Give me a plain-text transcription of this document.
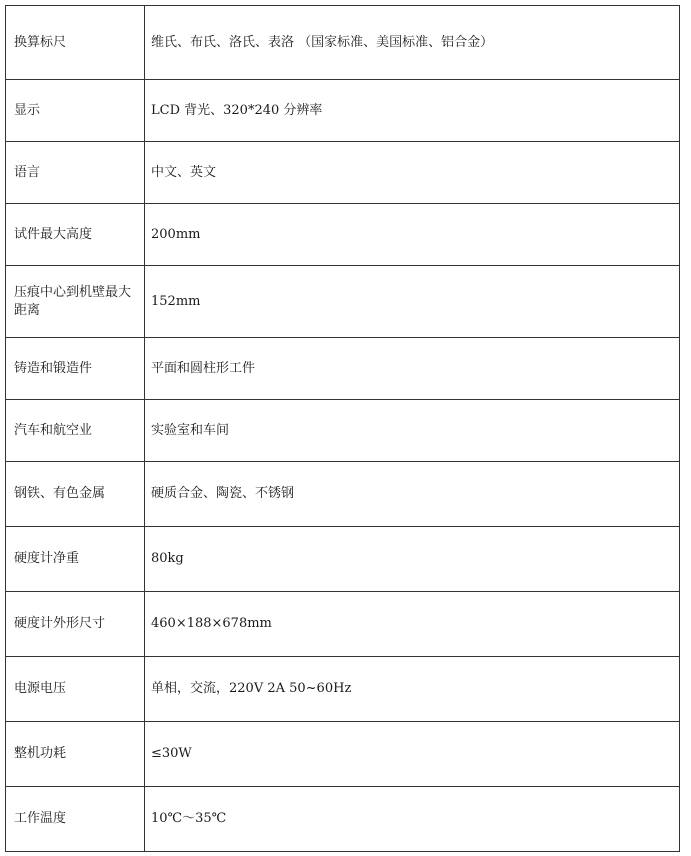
换算标尺	维氏、布氏、洛氏、表洛 （国家标准、美国标准、铝合金）
显示	LCD 背光、320*240 分辨率
语言	中文、英文
试件最大高度	200mm
压痕中心到机壁最大距离	152mm
铸造和锻造件	平面和圆柱形工件
汽车和航空业	实验室和车间
钢铁、有色金属	硬质合金、陶瓷、不锈钢
硬度计净重	80kg
硬度计外形尺寸	460×188×678mm
电源电压	单相，交流，220V 2A 50~60Hz
整机功耗	≤30W
工作温度	10℃～35℃
